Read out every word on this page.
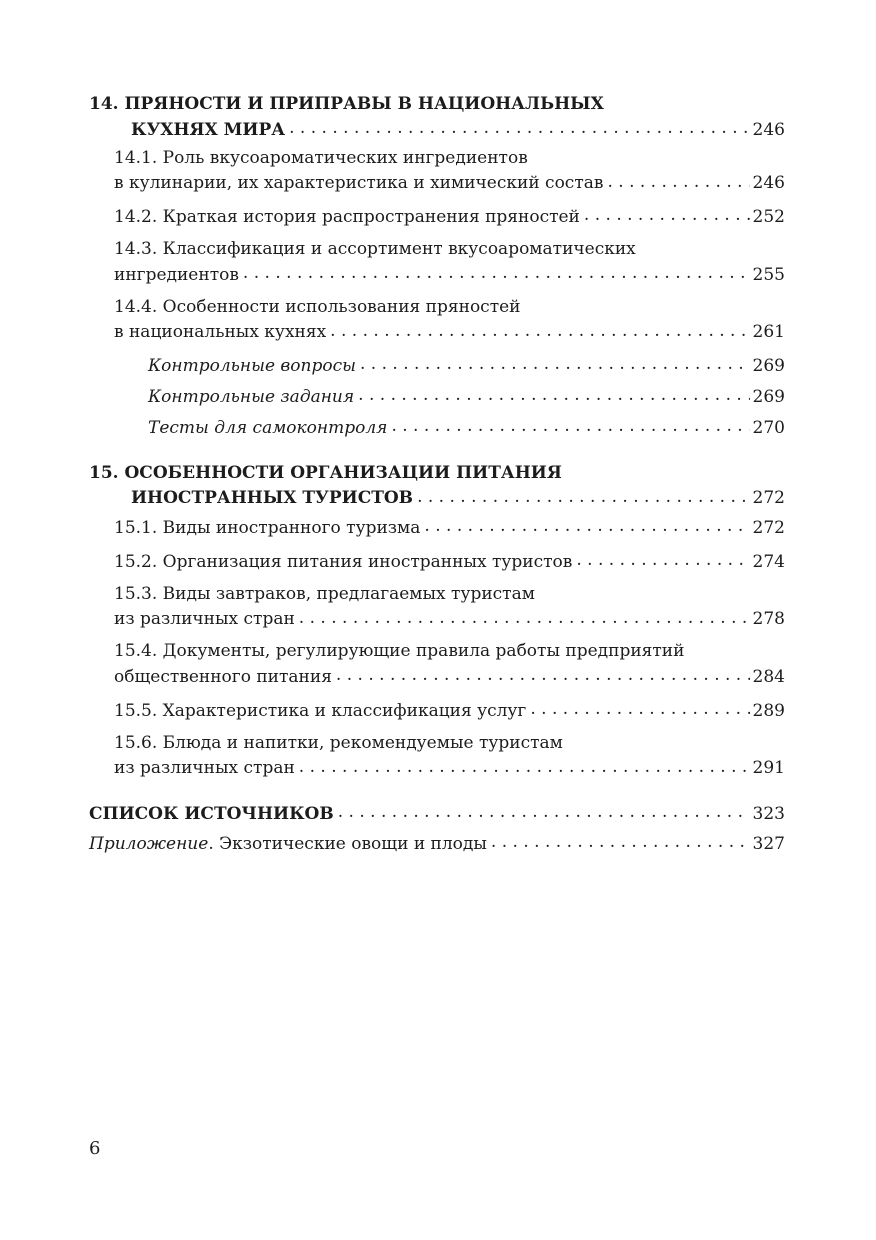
14. ПРЯНОСТИ И ПРИПРАВЫ В НАЦИОНАЛЬНЫХ
КУХНЯХ МИРА . . .	246
14.1. Роль вкусоароматических ингредиентов
в кулинарии, их характеристика и химический состав . . .	246
14.2. Краткая история распространения пряностей . . .	252
14.3. Классификация и ассортимент вкусоароматических
ингредиентов . . .	255
14.4. Особенности использования пряностей
в национальных кухнях . . .	261
Контрольные вопросы . . .	269
Контрольные задания . . .	269
Тесты для самоконтроля . . .	270
15. ОСОБЕННОСТИ ОРГАНИЗАЦИИ ПИТАНИЯ
ИНОСТРАННЫХ ТУРИСТОВ . . .	272
15.1. Виды иностранного туризма . . .	272
15.2. Организация питания иностранных туристов . . .	274
15.3. Виды завтраков, предлагаемых туристам
из различных стран . . .	278
15.4. Документы, регулирующие правила работы предприятий
общественного питания . . .	284
15.5. Характеристика и классификация услуг . . .	289
15.6. Блюда и напитки, рекомендуемые туристам
из различных стран . . .	291
СПИСОК ИСТОЧНИКОВ . . .	323
Приложение. Экзотические овощи и плоды . . .	327
6
